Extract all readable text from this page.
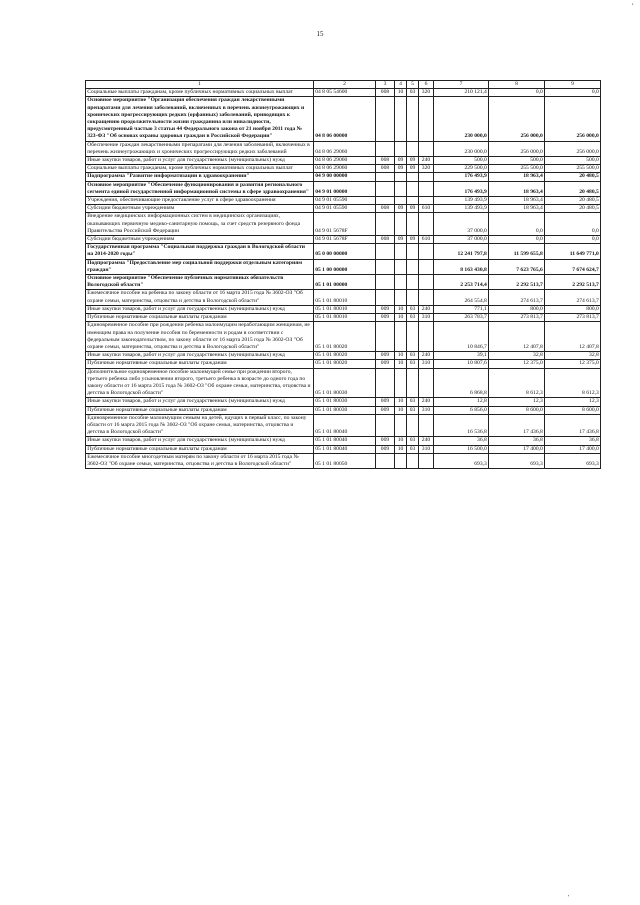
,
15
1	2	3	4	5	6	7	8	9
Социальные выплаты гражданам, кроме публичных нормативных социальных выплат	04 8 05 54600	008	10	03	320	210 121,4	0,0	0,0
Основное мероприятие "Организация обеспечения граждан лекарственными препаратами для лечения заболеваний, включенных в перечень жизнеугрожающих и хронических прогрессирующих редких (орфанных) заболеваний, приводящих к сокращению продолжительности жизни гражданина или инвалидности, предусмотренный частью 3 статьи 44 Федерального закона от 21 ноября 2011 года № 323-ФЗ "Об основах охраны здоровья граждан в Российской Федерации"	04 8 06 00000					230 000,0	256 000,0	256 000,0
Обеспечение граждан лекарственными препаратами для лечения заболеваний, включенных в перечень жизнеугрожающих и хронических прогрессирующих редких заболеваний	04 8 06 29060					230 000,0	256 000,0	256 000,0
Иные закупки товаров, работ и услуг для государственных (муниципальных) нужд	04 8 06 29060	008	09	09	240	500,0	500,0	500,0
Социальные выплаты гражданам, кроме публичных нормативных социальных выплат	04 8 06 29060	008	09	09	320	229 500,0	255 500,0	255 500,0
Подпрограмма "Развитие информатизации в здравоохранении"	04 9 00 00000					176 493,9	18 963,4	20 480,5
Основное мероприятие "Обеспечение функционирования и развития регионального сегмента единой государственной информационной системы в сфере здравоохранения"	04 9 01 00000					176 493,9	18 963,4	20 480,5
Учреждения, обеспечивающие предоставление услуг в сфере здравоохранения	04 9 01 05590					139 493,9	18 963,4	20 480,5
Субсидии бюджетным учреждениям	04 9 01 05590	008	09	09	610	139 493,9	18 963,4	20 480,5
Внедрение медицинских информационных систем в медицинских организациях, оказывающих первичную медико-санитарную помощь, за счет средств резервного фонда Правительства Российской Федерации	04 9 01 5678F					37 000,0	0,0	0,0
Субсидии бюджетным учреждениям	04 9 01 5678F	008	09	09	610	37 000,0	0,0	0,0
Государственная программа "Социальная поддержка граждан в Вологодской области на 2014-2020 годы"	05 0 00 00000					12 241 797,8	11 599 655,8	11 649 771,0
Подпрограмма "Предоставление мер социальной поддержки отдельным категориям граждан"	05 1 00 00000					8 163 430,8	7 623 765,6	7 674 624,7
Основное мероприятие "Обеспечение публичных нормативных обязательств Вологодской области"	05 1 01 00000					2 253 714,4	2 292 513,7	2 292 513,7
Ежемесячное пособие на ребенка по закону области от 16 марта 2015 года № 3602-ОЗ "Об охране семьи, материнства, отцовства и детства в Вологодской области"	05 1 01 80010					264 554,8	274 613,7	274 613,7
Иные закупки товаров, работ и услуг для государственных (муниципальных) нужд	05 1 01 80010	009	10	03	240	771,1	800,0	800,0
Публичные нормативные социальные выплаты гражданам	05 1 01 80010	009	10	03	310	263 783,7	273 813,7	273 813,7
Единовременное пособие при рождении ребенка малоимущим неработающим женщинам, не имеющим права на получение пособия по беременности и родам в соответствии с федеральным законодательством, по закону области от 16 марта 2015 года № 3602-ОЗ "Об охране семьи, материнства, отцовства и детства в Вологодской области"	05 1 01 80020					10 846,7	12 407,8	12 407,8
Иные закупки товаров, работ и услуг для государственных (муниципальных) нужд	05 1 01 80020	009	10	03	240	39,1	32,8	32,8
Публичные нормативные социальные выплаты гражданам	05 1 01 80020	009	10	03	310	10 807,6	12 375,0	12 375,0
Дополнительное единовременное пособие малоимущей семье при рождении второго, третьего ребенка либо усыновлении второго, третьего ребенка в возрасте до одного года по закону области от 16 марта 2015 года № 3602-ОЗ "Об охране семьи, материнства, отцовства и детства в Вологодской области"	05 1 01 80030					6 868,8	8 612,3	8 612,3
Иные закупки товаров, работ и услуг для государственных (муниципальных) нужд	05 1 01 80030	009	10	03	240	12,8	12,3	12,3
Публичные нормативные социальные выплаты гражданам	05 1 01 80030	009	10	03	310	6 856,0	8 600,0	8 600,0
Единовременное пособие малоимущим семьям на детей, идущих в первый класс, по закону области от 16 марта 2015 года № 3602-ОЗ "Об охране семьи, материнства, отцовства и детства в Вологодской области"	05 1 01 80040					16 536,8	17 436,8	17 436,8
Иные закупки товаров, работ и услуг для государственных (муниципальных) нужд	05 1 01 80040	009	10	03	240	36,8	36,8	36,8
Публичные нормативные социальные выплаты гражданам	05 1 01 80040	009	10	03	310	16 500,0	17 400,0	17 400,0
Ежемесячное пособие многодетным матерям по закону области от 16 марта 2015 года № 3602-ОЗ "Об охране семьи, материнства, отцовства и детства в Вологодской области"	05 1 01 80050					693,3	693,3	693,3
'
